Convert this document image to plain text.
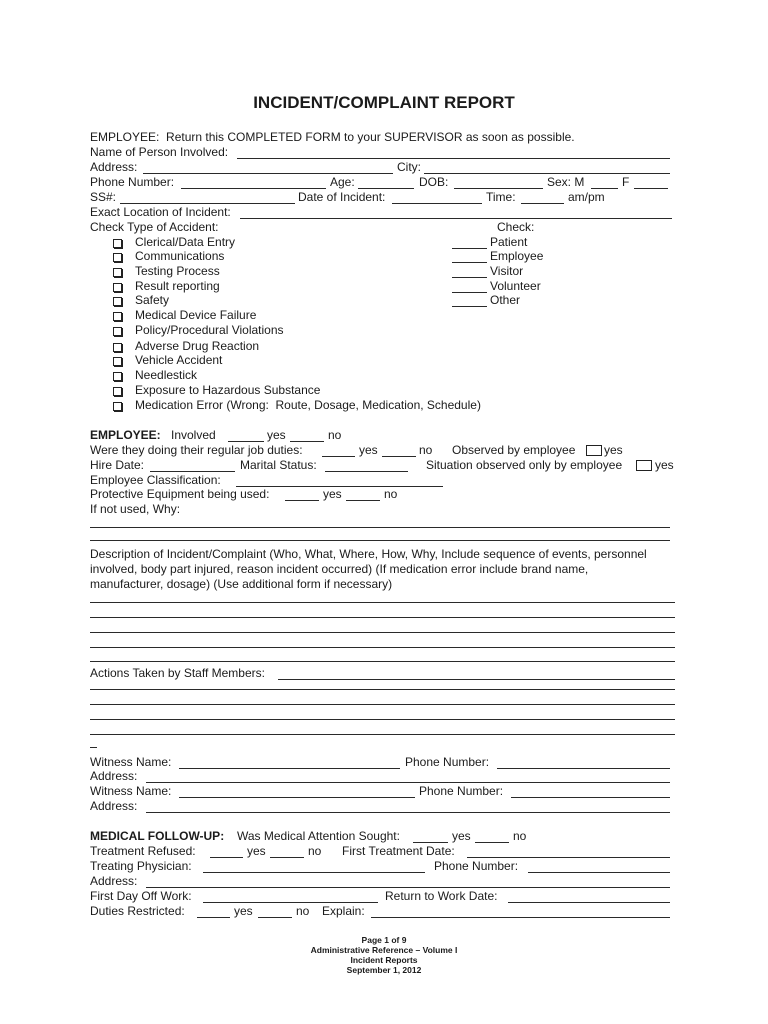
INCIDENT/COMPLAINT REPORT
EMPLOYEE:  Return this COMPLETED FORM to your SUPERVISOR as soon as possible.
Name of Person Involved:
Address:	City:
Phone Number:	Age:	DOB:	Sex: M	F
SS#:	Date of Incident:	Time:	am/pm
Exact Location of Incident:
Check Type of Accident:	Check:
Clerical/Data Entry	Patient
Communications	Employee
Testing Process	Visitor
Result reporting	Volunteer
Safety	Other
Medical Device Failure
Policy/Procedural Violations
Adverse Drug Reaction
Vehicle Accident
Needlestick
Exposure to Hazardous Substance
Medication Error (Wrong:  Route, Dosage, Medication, Schedule)
EMPLOYEE: Involved	yes	no
Were they doing their regular job duties:	yes	no Observed by employee yes
Hire Date:	Marital Status:	Situation observed only by employee	yes
Employee Classification:
Protective Equipment being used:	yes	no
If not used, Why:
Description of Incident/Complaint (Who, What, Where, How, Why, Include sequence of events, personnel
involved, body part injured, reason incident occurred) (If medication error include brand name,
manufacturer, dosage) (Use additional form if necessary)
Actions Taken by Staff Members:
Witness Name:	Phone Number:
Address:
Witness Name:	Phone Number:
Address:
MEDICAL FOLLOW-UP: Was Medical Attention Sought:	yes	no
Treatment Refused:	yes	no First Treatment Date:
Treating Physician:	Phone Number:
Address:
First Day Off Work:	Return to Work Date:
Duties Restricted:	yes	no Explain:
Page 1 of 9
Administrative Reference – Volume I
Incident Reports
September 1, 2012
